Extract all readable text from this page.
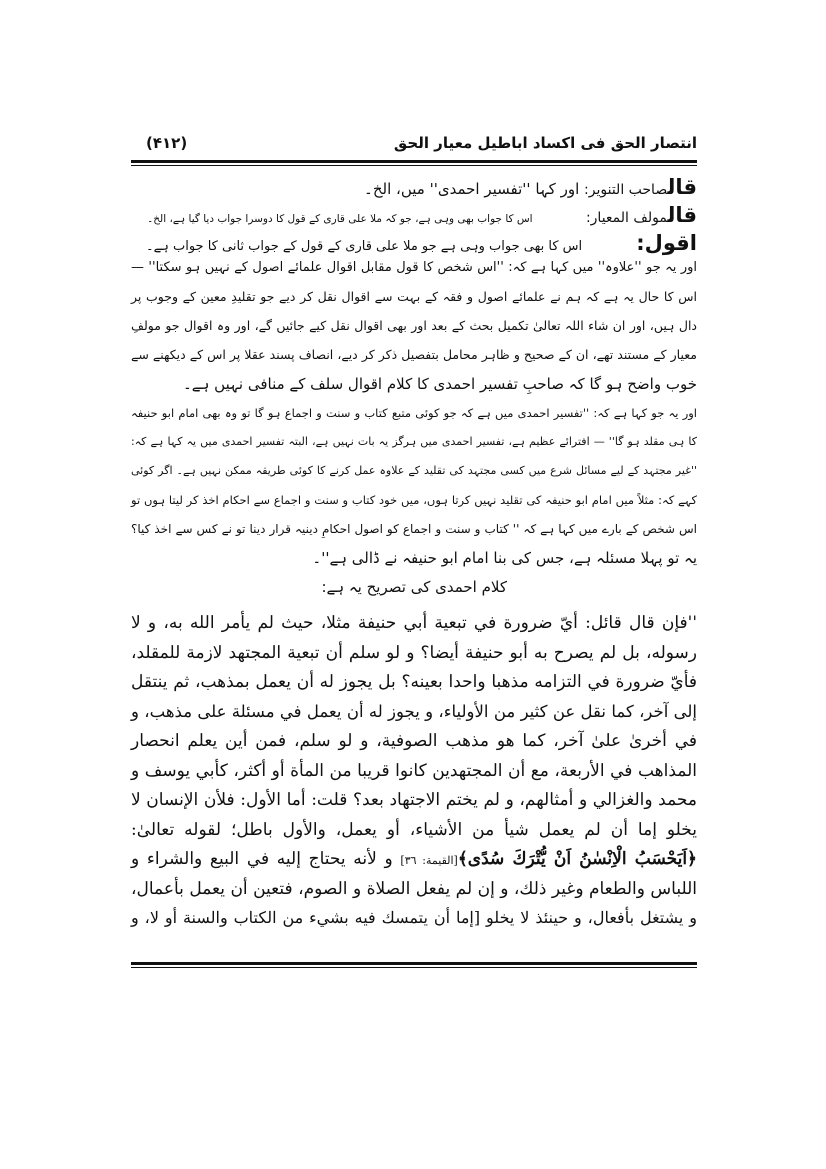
انتصار الحق فی اکساد اباطیل معیار الحق
(۴۱۲)
قالصاحب التنویر: اور کہا ''تفسیر احمدی'' میں، الخ۔
قالمولف المعیار: اس کا جواب بھی وہی ہے، جو کہ ملا علی قاری کے قول کا دوسرا جواب دیا گیا ہے، الخ۔
اقول: اس کا بھی جواب وہی ہے جو ملا علی قاری کے قول کے جواب ثانی کا جواب ہے۔
اور یہ جو ''علاوہ'' میں کہا ہے کہ: ''اس شخص کا قول مقابل اقوال علمائے اصول کے نہیں ہو سکتا'' —
اس کا حال یہ ہے کہ ہم نے علمائے اصول و فقہ کے بہت سے اقوال نقل کر دیے جو تقلیدِ معین کے وجوب پر
دال ہیں، اور ان شاء اللہ تعالیٰ تکمیل بحث کے بعد اور بھی اقوال نقل کیے جائیں گے، اور وہ اقوال جو مولفِ
معیار کے مستند تھے، ان کے صحیح و ظاہر محامل بتفصیل ذکر کر دیے، انصاف پسند عقلا پر اس کے دیکھنے سے
خوب واضح ہو گا کہ صاحبِ تفسیر احمدی کا کلام اقوال سلف کے منافی نہیں ہے۔
اور یہ جو کہا ہے کہ: ''تفسیر احمدی میں ہے کہ جو کوئی متبع کتاب و سنت و اجماع ہو گا تو وہ بھی امام ابو حنیفہ
کا ہی مقلد ہو گا'' — افترائے عظیم ہے، تفسیر احمدی میں ہرگز یہ بات نہیں ہے، البتہ تفسیر احمدی میں یہ کہا ہے کہ:
''غیر مجتہد کے لیے مسائل شرع میں کسی مجتہد کی تقلید کے علاوہ عمل کرنے کا کوئی طریقہ ممکن نہیں ہے۔ اگر کوئی
کہے کہ: مثلاً میں امام ابو حنیفہ کی تقلید نہیں کرتا ہوں، میں خود کتاب و سنت و اجماع سے احکام اخذ کر لیتا ہوں تو
اس شخص کے بارے میں کہا ہے کہ '' کتاب و سنت و اجماع کو اصول احکامِ دینیہ قرار دینا تو نے کس سے اخذ کیا؟
یہ تو پہلا مسئلہ ہے، جس کی بنا امام ابو حنیفہ نے ڈالی ہے''۔
کلام احمدی کی تصریح یہ ہے:
''فإن قال قائل: أيّ ضرورة في تبعية أبي حنيفة مثلا، حيث لم يأمر الله به، و لا
رسوله، بل لم يصرح به أبو حنيفة أيضا؟ و لو سلم أن تبعية المجتهد لازمة للمقلد،
فأيّ ضرورة في التزامه مذهبا واحدا بعينه؟ بل يجوز له أن يعمل بمذهب، ثم ينتقل
إلى آخر، كما نقل عن كثير من الأولياء، و يجوز له أن يعمل في مسئلة على مذهب، و
في أخرىٰ علىٰ آخر، كما هو مذهب الصوفية، و لو سلم، فمن أين يعلم انحصار
المذاهب في الأربعة، مع أن المجتهدين كانوا قريبا من المأة أو أكثر، كأبي يوسف و
محمد والغزالي و أمثالهم، و لم يختم الاجتهاد بعد؟ قلت: أما الأول: فلأن الإنسان لا
يخلو إما أن لم يعمل شيأ من الأشياء، أو يعمل، والأول باطل؛ لقوله تعالىٰ:
﴿اَيَحْسَبُ الْاِنْسٰنُ اَنْ يُّتْرَكَ سُدًى﴾[القيمة: ٣٦] و لأنه يحتاج إليه في البيع والشراء و
اللباس والطعام وغير ذلك، و إن لم يفعل الصلاة و الصوم، فتعين أن يعمل بأعمال،
و يشتغل بأفعال، و حينئذ لا يخلو [إما أن يتمسك فيه بشيء من الكتاب والسنة أو لا، و
